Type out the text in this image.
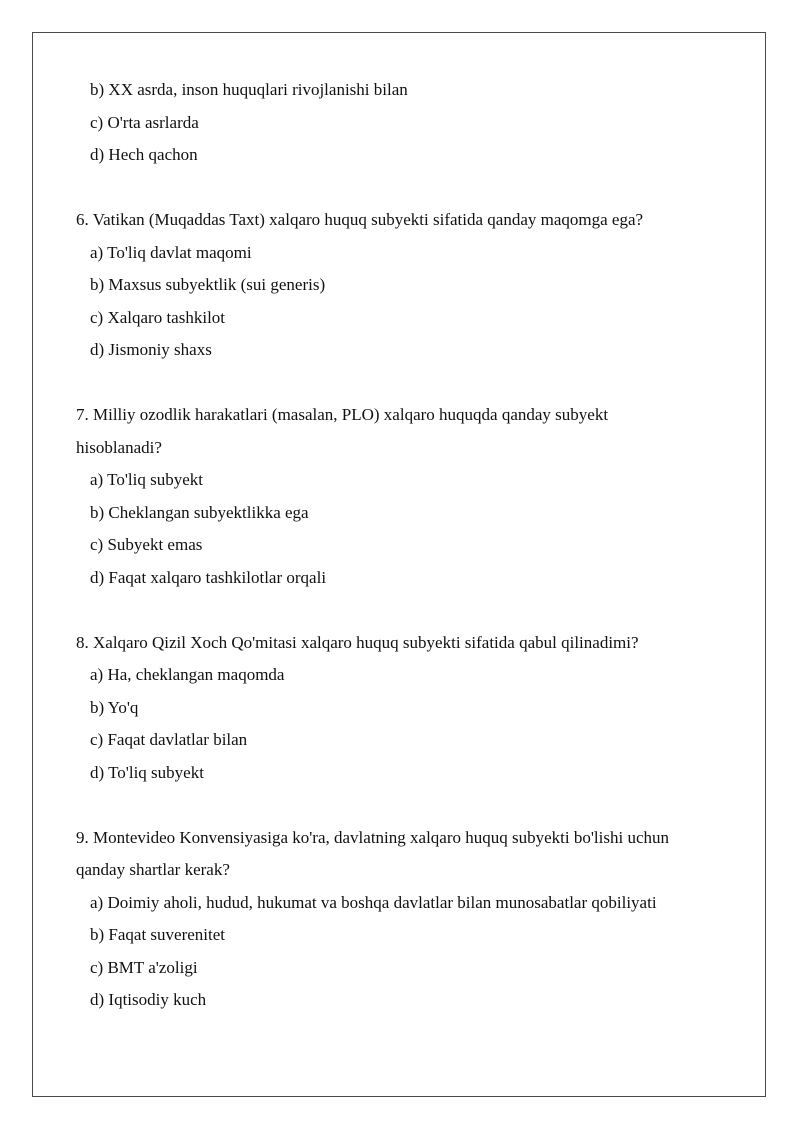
b) XX asrda, inson huquqlari rivojlanishi bilan
c) O'rta asrlarda
d) Hech qachon
6. Vatikan (Muqaddas Taxt) xalqaro huquq subyekti sifatida qanday maqomga ega?
a) To'liq davlat maqomi
b) Maxsus subyektlik (sui generis)
c) Xalqaro tashkilot
d) Jismoniy shaxs
7. Milliy ozodlik harakatlari (masalan, PLO) xalqaro huquqda qanday subyekt
hisoblanadi?
a) To'liq subyekt
b) Cheklangan subyektlikka ega
c) Subyekt emas
d) Faqat xalqaro tashkilotlar orqali
8. Xalqaro Qizil Xoch Qo'mitasi xalqaro huquq subyekti sifatida qabul qilinadimi?
a) Ha, cheklangan maqomda
b) Yo'q
c) Faqat davlatlar bilan
d) To'liq subyekt
9. Montevideo Konvensiyasiga ko'ra, davlatning xalqaro huquq subyekti bo'lishi uchun
qanday shartlar kerak?
a) Doimiy aholi, hudud, hukumat va boshqa davlatlar bilan munosabatlar qobiliyati
b) Faqat suverenitet
c) BMT a'zoligi
d) Iqtisodiy kuch
